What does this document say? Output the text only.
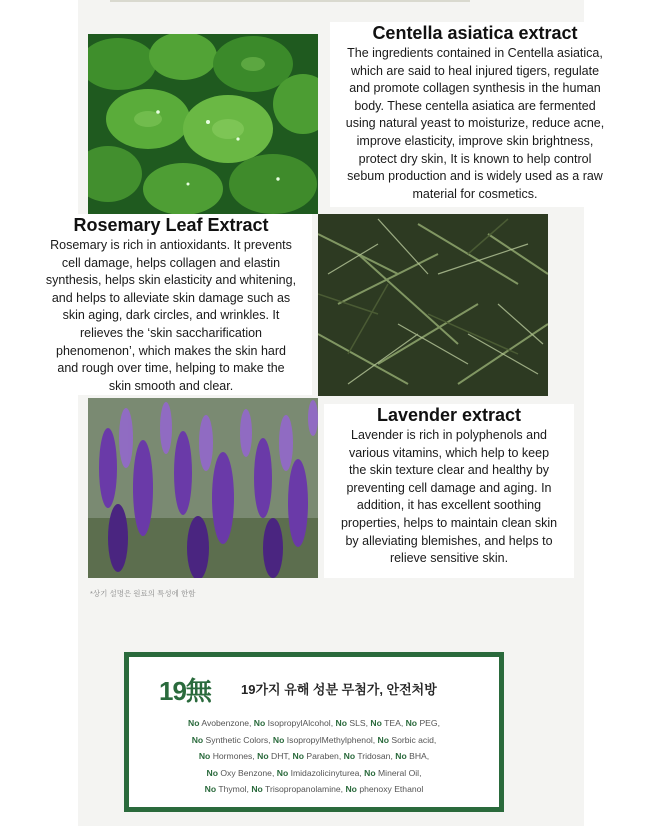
Centella asiatica extract

The ingredients contained in Centella asiatica,
which are said to heal injured tigers, regulate
and promote collagen synthesis in the human
body. These centella asiatica are fermented
using natural yeast to moisturize, reduce acne,
improve elasticity, improve skin brightness,
protect dry skin, It is known to help control
sebum production and is widely used as a raw
material for cosmetics.

Rosemary Leaf Extract

Rosemary is rich in antioxidants. It prevents
cell damage, helps collagen and elastin
synthesis, helps skin elasticity and whitening,
and helps to alleviate skin damage such as
skin aging, dark circles, and wrinkles. It
relieves the ‘skin saccharification
phenomenon’, which makes the skin hard
and rough over time, helping to make the
skin smooth and clear.

Lavender extract

Lavender is rich in polyphenols and
various vitamins, which help to keep
the skin texture clear and healthy by
preventing cell damage and aging. In
addition, it has excellent soothing
properties, helps to maintain clean skin
by alleviating blemishes, and helps to
relieve sensitive skin.

*상기 설명은 원료의 특성에 한함
19無 19가지 유해 성분 무첨가, 안전처방
No Avobenzone, No IsopropylAlcohol, No SLS, No TEA, No PEG,
No Synthetic Colors, No IsopropylMethylphenol, No Sorbic acid,
No Hormones, No DHT, No Paraben, No Tridosan, No BHA,
No Oxy Benzone, No Imidazolicinyturea, No Mineral Oil,
No Thymol, No Trisopropanolamine, No phenoxy Ethanol
